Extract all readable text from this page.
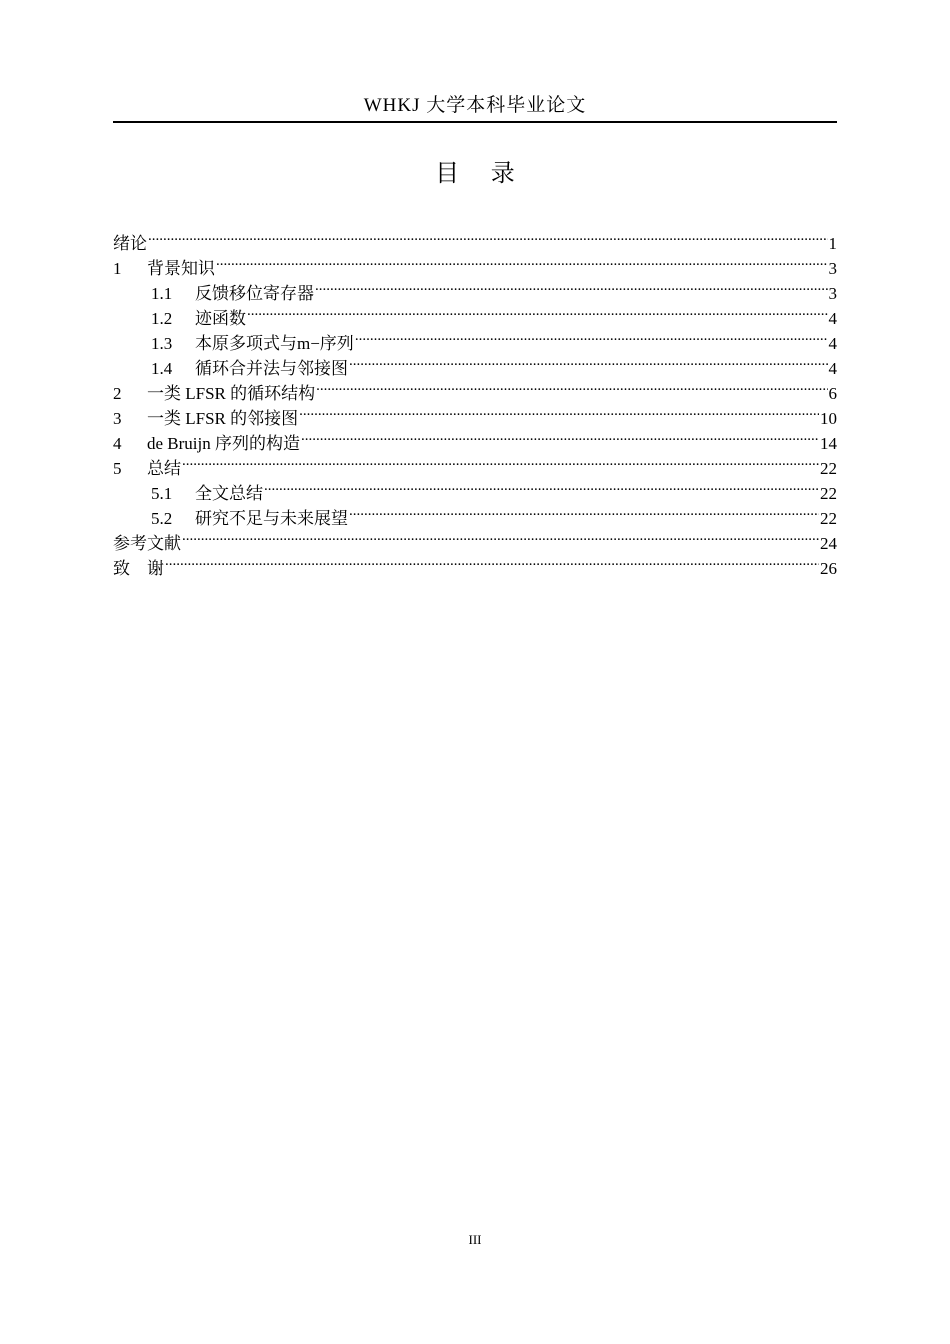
WHKJ 大学本科毕业论文
目 录
绪论 .....	1
1	背景知识 .....	3
1.1	反馈移位寄存器 .....	3
1.2	迹函数 .....	4
1.3	本原多项式与m−序列 .....	4
1.4	循环合并法与邻接图 .....	4
2	一类 LFSR 的循环结构 .....	6
3	一类 LFSR 的邻接图 .....	10
4	de Bruijn 序列的构造 .....	14
5	总结 .....	22
5.1	全文总结 .....	22
5.2	研究不足与未来展望 .....	22
参考文献 .....	24
致　谢 .....	26
III
